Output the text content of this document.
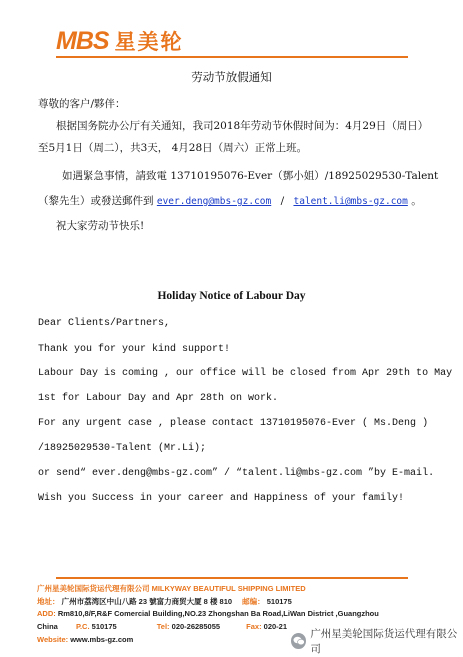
MBS 星美轮
劳动节放假通知
尊敬的客户/夥伴：
根据国务院办公厅有关通知，我司2018年劳动节休假时间为：4月29日（周日）
至5月1日（周二），共3天， 4月28日（周六）正常上班。
如遇緊急事情，請致電 13710195076-Ever（鄧小姐）/18925029530-Talent
（黎先生）或發送郵件到 ever.deng@mbs-gz.com / talent.li@mbs-gz.com 。
祝大家劳动节快乐!
Holiday Notice of Labour Day
Dear Clients/Partners,
Thank you for your kind support!
Labour Day is coming , our office will be closed from Apr 29th to May
1st for Labour Day and Apr 28th on work.
For any urgent case , please contact 13710195076-Ever ( Ms.Deng )
/18925029530-Talent (Mr.Li);
or send“ ever.deng@mbs-gz.com” / “talent.li@mbs-gz.com ”by E-mail.
Wish you Success in your career and Happiness of your family!
广州星美轮国际货运代理有限公司 MILKYWAY BEAUTIFUL SHIPPING LIMITED
地址： 广州市荔湾区中山八路 23 號富力商贸大厦 8 楼 810 邮编： 510175
ADD: Rm810,8/F,R&F Comercial Building,NO.23 Zhongshan Ba Road,LiWan District ,Guangzhou
China P.C. 510175	Tel: 020-26285055	Fax: 020-21
Website: www.mbs-gz.com	广州星美轮国际货运代理有限公司
